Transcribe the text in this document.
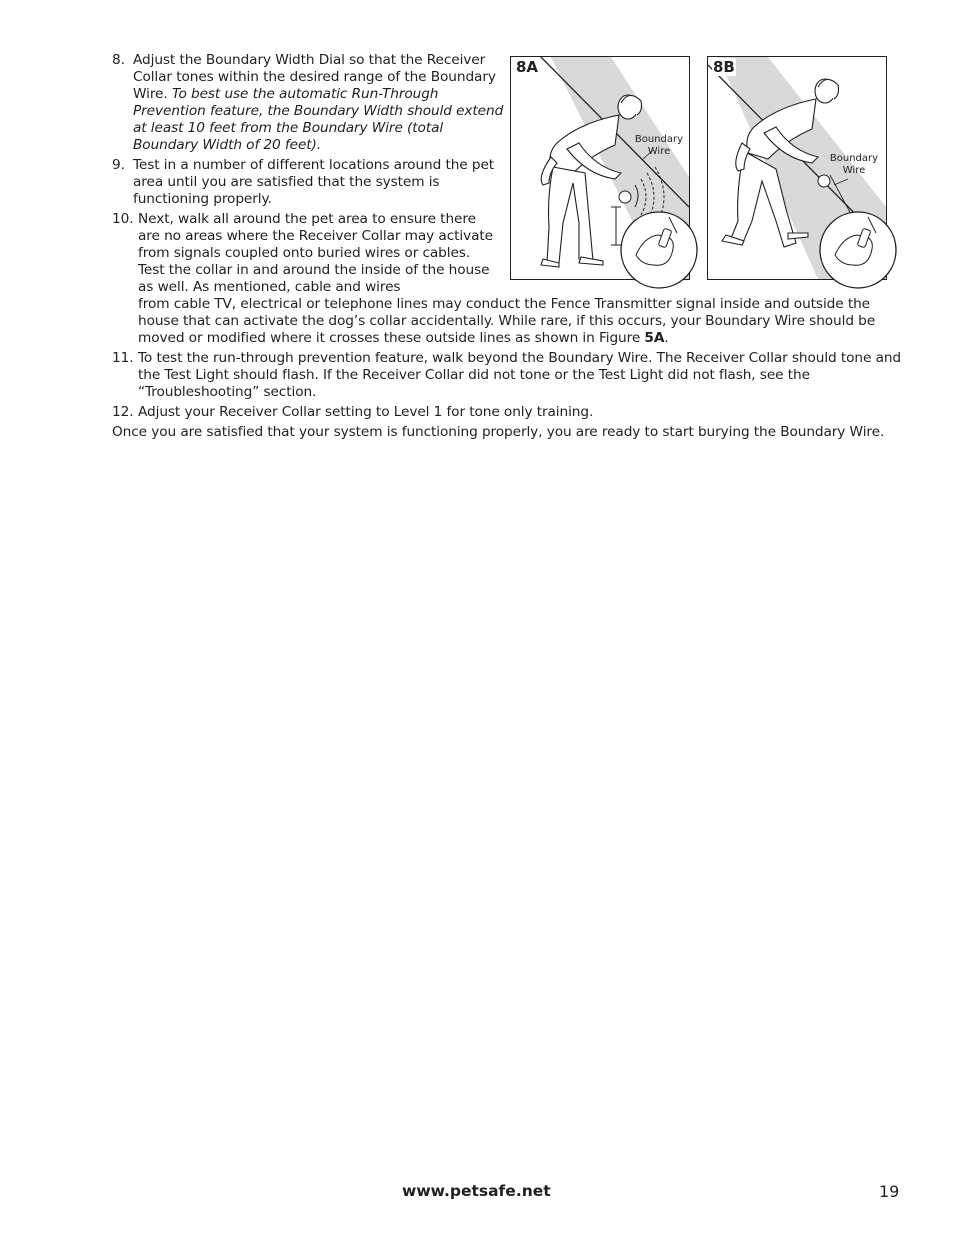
8. Adjust the Boundary Width Dial so that the Receiver Collar tones within the desired range of the Boundary Wire. To best use the automatic Run-Through Prevention feature, the Boundary Width should extend at least 10 feet from the Boundary Wire (total Boundary Width of 20 feet).
9. Test in a number of different locations around the pet area until you are satisfied that the system is functioning properly.
10. Next, walk all around the pet area to ensure there are no areas where the Receiver Collar may activate from signals coupled onto buried wires or cables. Test the collar in and around the inside of the house as well. As mentioned, cable and wires
from cable TV, electrical or telephone lines may conduct the Fence Transmitter signal inside and outside the house that can activate the dog’s collar accidentally. While rare, if this occurs, your Boundary Wire should be moved or modified where it crosses these outside lines as shown in Figure 5A.
11. To test the run-through prevention feature, walk beyond the Boundary Wire. The Receiver Collar should tone and the Test Light should flash. If the Receiver Collar did not tone or the Test Light did not flash, see the “Troubleshooting” section.
12. Adjust your Receiver Collar setting to Level 1 for tone only training.
Once you are satisfied that your system is functioning properly, you are ready to start burying the Boundary Wire.
8A
Boundary Wire
8B
Boundary Wire
www.petsafe.net	19
